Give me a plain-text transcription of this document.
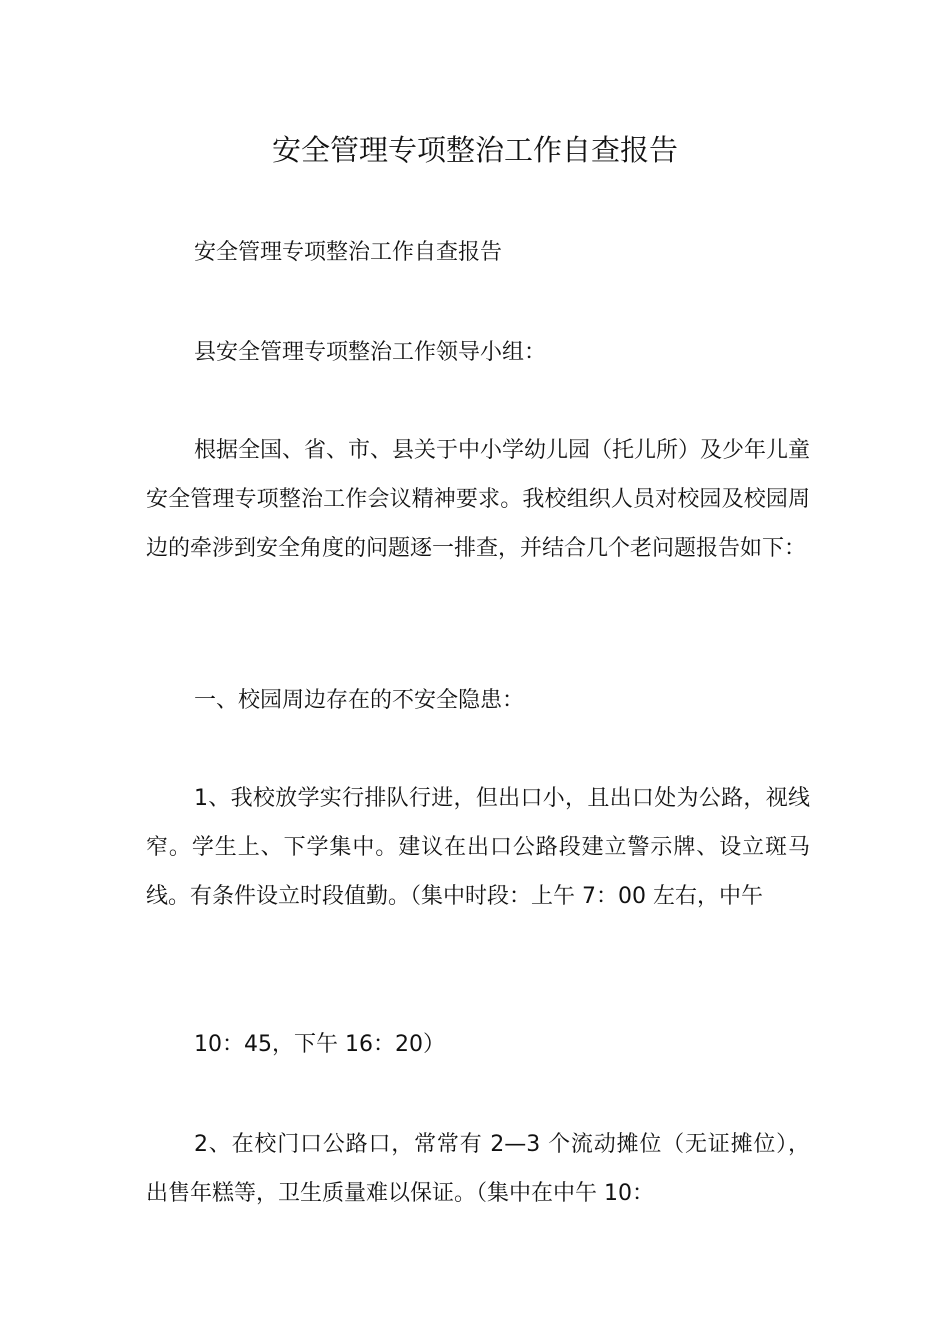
安全管理专项整治工作自查报告

安全管理专项整治工作自查报告

县安全管理专项整治工作领导小组：

根据全国、省、市、县关于中小学幼儿园（托儿所）及少年儿童安全管理专项整治工作会议精神要求。我校组织人员对校园及校园周边的牵涉到安全角度的问题逐一排查，并结合几个老问题报告如下：

一、校园周边存在的不安全隐患：

1、我校放学实行排队行进，但出口小，且出口处为公路，视线窄。学生上、下学集中。建议在出口公路段建立警示牌、设立斑马线。有条件设立时段值勤。（集中时段：上午 7：00 左右，中午

10：45，下午 16：20）

2、在校门口公路口，常常有 2—3 个流动摊位（无证摊位），出售年糕等，卫生质量难以保证。（集中在中午 10：
